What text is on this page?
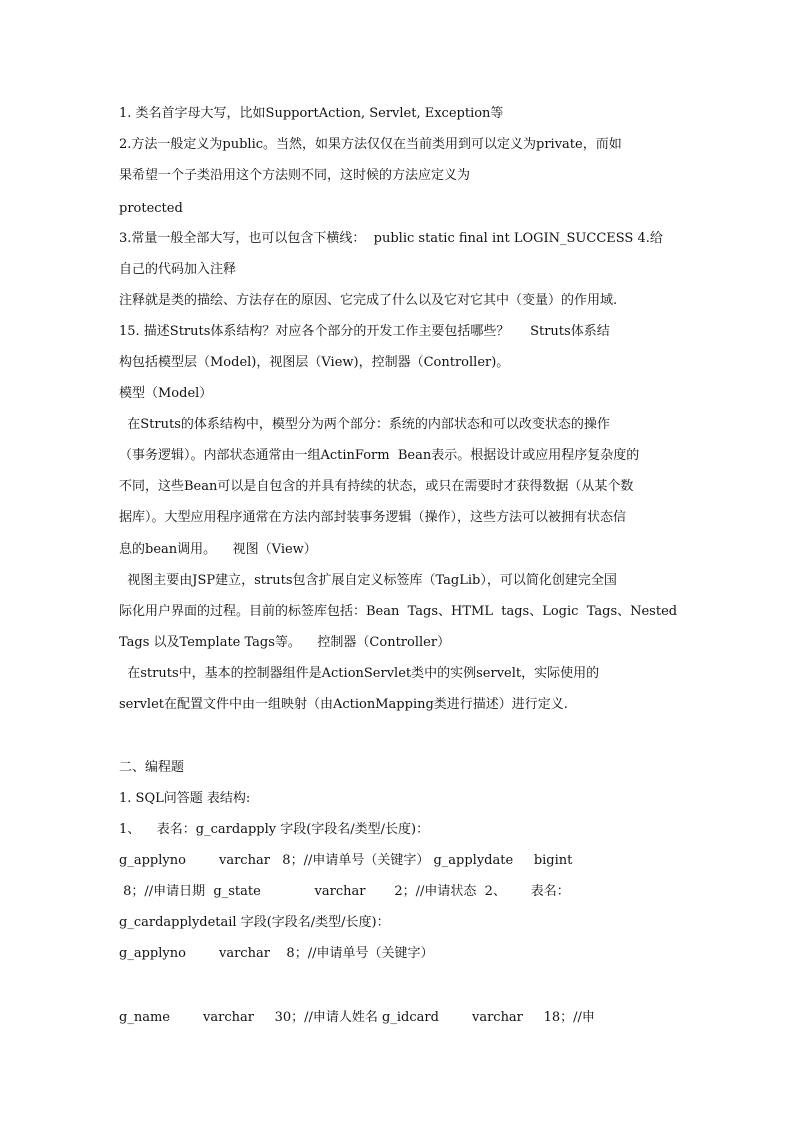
1. 类名首字母大写，比如SupportAction, Servlet, Exception等
2.方法一般定义为public。当然，如果方法仅仅在当前类用到可以定义为private，而如
果希望一个子类沿用这个方法则不同，这时候的方法应定义为
protected
3.常量一般全部大写，也可以包含下横线：  public static final int LOGIN_SUCCESS 4.给
自己的代码加入注释
注释就是类的描绘、方法存在的原因、它完成了什么以及它对它其中（变量）的作用域.
15. 描述Struts体系结构？对应各个部分的开发工作主要包括哪些？     Struts体系结
构包括模型层（Model)，视图层（View)，控制器（Controller)。
模型（Model）
在Struts的体系结构中，模型分为两个部分：系统的内部状态和可以改变状态的操作
（事务逻辑）。内部状态通常由一组ActinForm  Bean表示。根据设计或应用程序复杂度的
不同，这些Bean可以是自包含的并具有持续的状态，或只在需要时才获得数据（从某个数
据库）。大型应用程序通常在方法内部封装事务逻辑（操作），这些方法可以被拥有状态信
息的bean调用。    视图（View）
视图主要由JSP建立，struts包含扩展自定义标签库（TagLib），可以简化创建完全国
际化用户界面的过程。目前的标签库包括：Bean  Tags、HTML  tags、Logic  Tags、Nested
Tags 以及Template Tags等。    控制器（Controller）
在struts中，基本的控制器组件是ActionServlet类中的实例servelt，实际使用的
servlet在配置文件中由一组映射（由ActionMapping类进行描述）进行定义.
二、编程题
1. SQL问答题 表结构:
1、    表名：g_cardapply 字段(字段名/类型/长度)：
g_applyno        varchar   8；//申请单号（关键字） g_applydate     bigint
8；//申请日期  g_state             varchar       2；//申请状态  2、      表名：
g_cardapplydetail 字段(字段名/类型/长度)：
g_applyno        varchar    8；//申请单号（关键字）
g_name        varchar     30；//申请人姓名 g_idcard        varchar     18；//申
